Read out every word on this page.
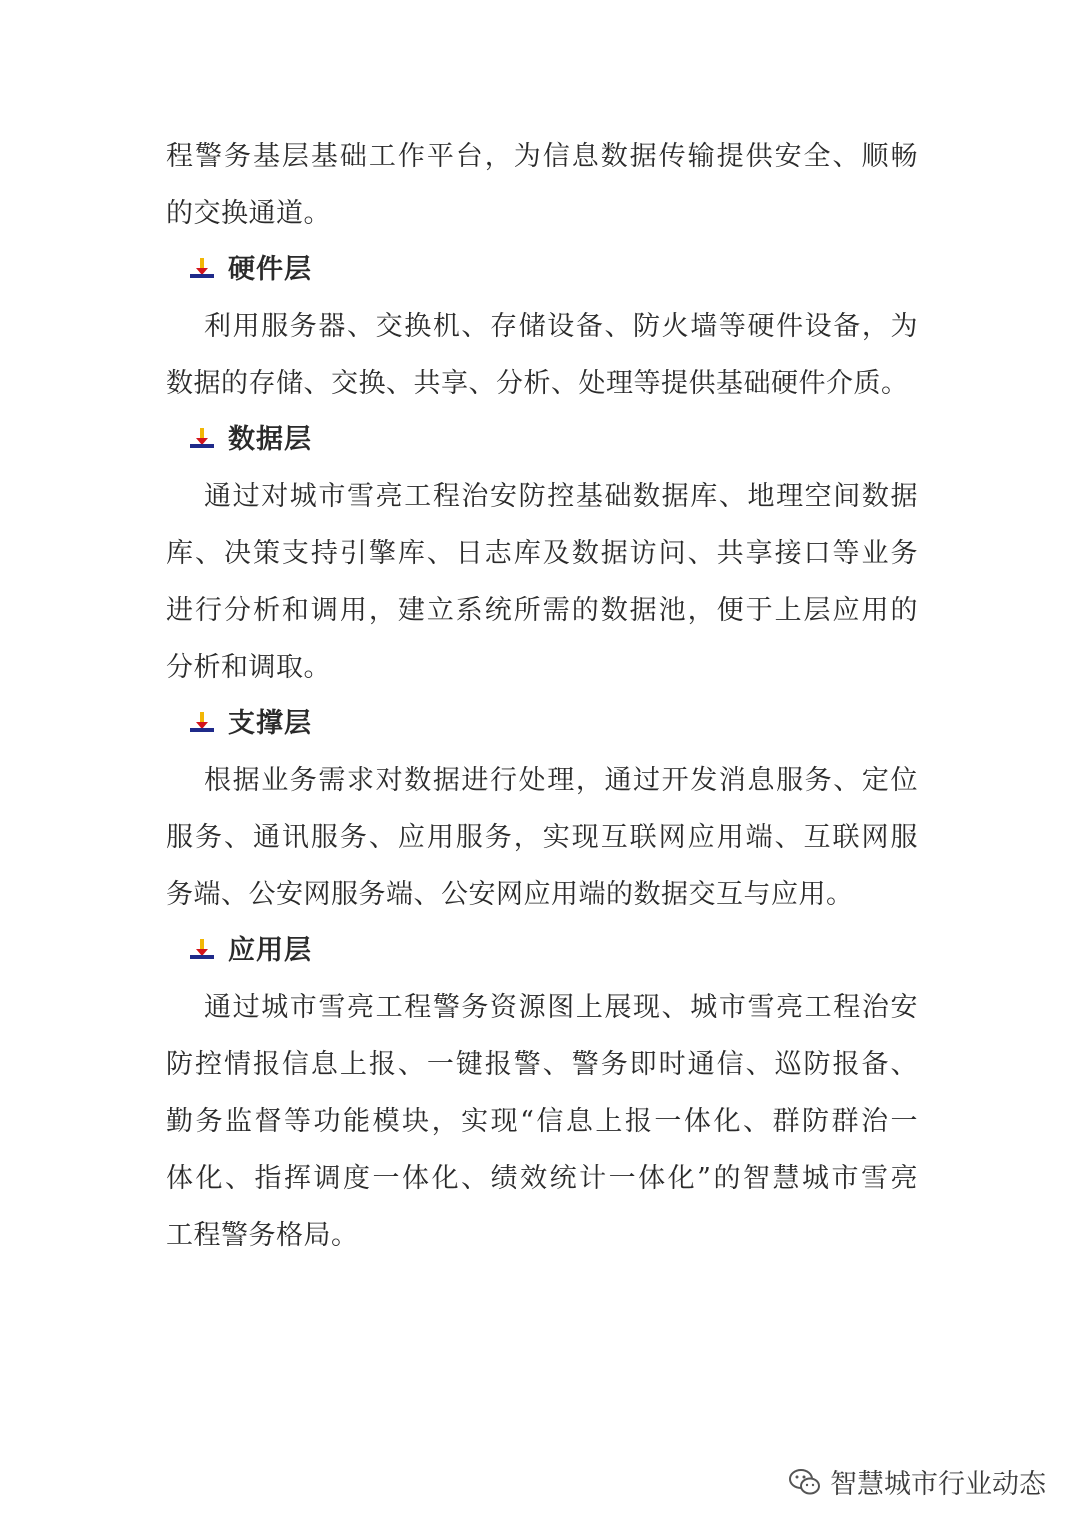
程警务基层基础工作平台，为信息数据传输提供安全、顺畅
的交换通道。
硬件层
利用服务器、交换机、存储设备、防火墙等硬件设备，为
数据的存储、交换、共享、分析、处理等提供基础硬件介质。
数据层
通过对城市雪亮工程治安防控基础数据库、地理空间数据
库、决策支持引擎库、日志库及数据访问、共享接口等业务
进行分析和调用，建立系统所需的数据池，便于上层应用的
分析和调取。
支撑层
根据业务需求对数据进行处理，通过开发消息服务、定位
服务、通讯服务、应用服务，实现互联网应用端、互联网服
务端、公安网服务端、公安网应用端的数据交互与应用。
应用层
通过城市雪亮工程警务资源图上展现、城市雪亮工程治安
防控情报信息上报、一键报警、警务即时通信、巡防报备、
勤务监督等功能模块，实现“信息上报一体化、群防群治一
体化、指挥调度一体化、绩效统计一体化”的智慧城市雪亮
工程警务格局。
智慧城市行业动态
